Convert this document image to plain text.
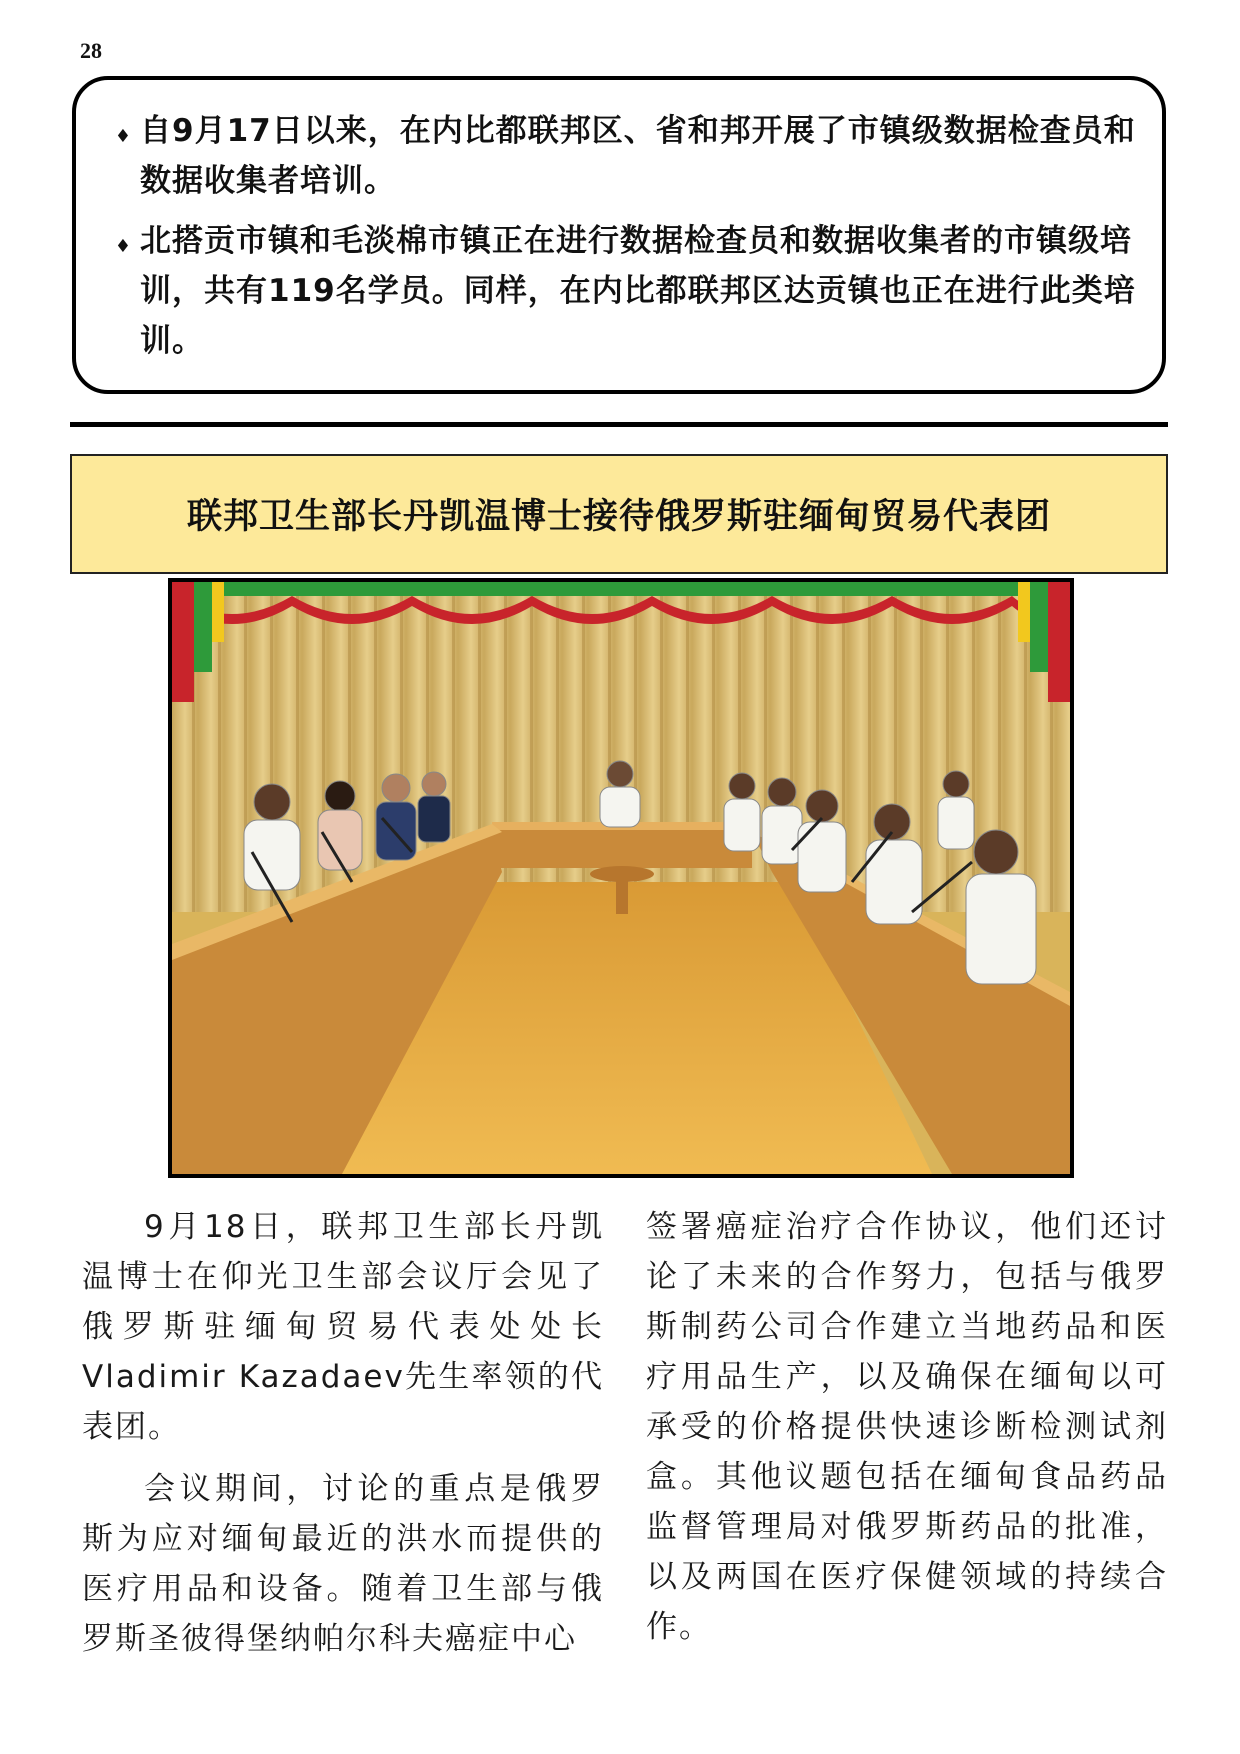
28
♦ 自9月17日以来，在内比都联邦区、省和邦开展了市镇级数据检查员和数据收集者培训。
♦ 北搭贡市镇和毛淡棉市镇正在进行数据检查员和数据收集者的市镇级培训，共有119名学员。同样，在内比都联邦区达贡镇也正在进行此类培训。
联邦卫生部长丹凯温博士接待俄罗斯驻缅甸贸易代表团

9月18日，联邦卫生部长丹凯温博士在仰光卫生部会议厅会见了俄罗斯驻缅甸贸易代表处处长Vladimir Kazadaev先生率领的代表团。

会议期间，讨论的重点是俄罗斯为应对缅甸最近的洪水而提供的医疗用品和设备。随着卫生部与俄罗斯圣彼得堡纳帕尔科夫癌症中心

签署癌症治疗合作协议，他们还讨论了未来的合作努力，包括与俄罗斯制药公司合作建立当地药品和医疗用品生产，以及确保在缅甸以可承受的价格提供快速诊断检测试剂盒。其他议题包括在缅甸食品药品监督管理局对俄罗斯药品的批准，以及两国在医疗保健领域的持续合作。
